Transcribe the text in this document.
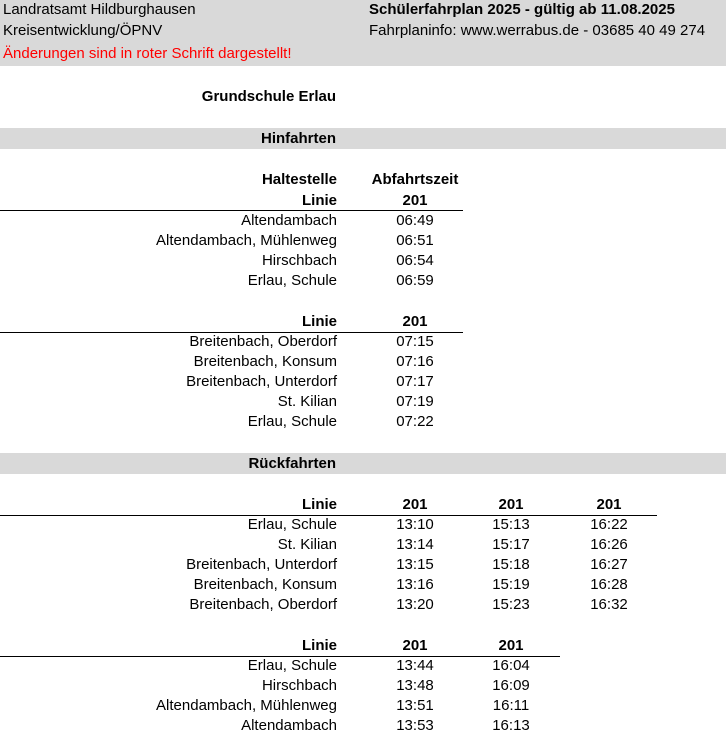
Landratsamt Hildburghausen
Kreisentwicklung/ÖPNV
Änderungen sind in roter Schrift dargestellt!
Schülerfahrplan 2025 - gültig ab 11.08.2025
Fahrplaninfo: www.werrabus.de - 03685 40 49 274
Grundschule Erlau
Hinfahrten
Haltestelle	Abfahrtszeit
Linie	201
Altendambach	06:49
Altendambach, Mühlenweg	06:51
Hirschbach	06:54
Erlau, Schule	06:59
Linie	201
Breitenbach, Oberdorf	07:15
Breitenbach, Konsum	07:16
Breitenbach, Unterdorf	07:17
St. Kilian	07:19
Erlau, Schule	07:22
Rückfahrten
Linie	201	201	201
Erlau, Schule	13:10	15:13	16:22
St. Kilian	13:14	15:17	16:26
Breitenbach, Unterdorf	13:15	15:18	16:27
Breitenbach, Konsum	13:16	15:19	16:28
Breitenbach, Oberdorf	13:20	15:23	16:32
Linie	201	201
Erlau, Schule	13:44	16:04
Hirschbach	13:48	16:09
Altendambach, Mühlenweg	13:51	16:11
Altendambach	13:53	16:13
